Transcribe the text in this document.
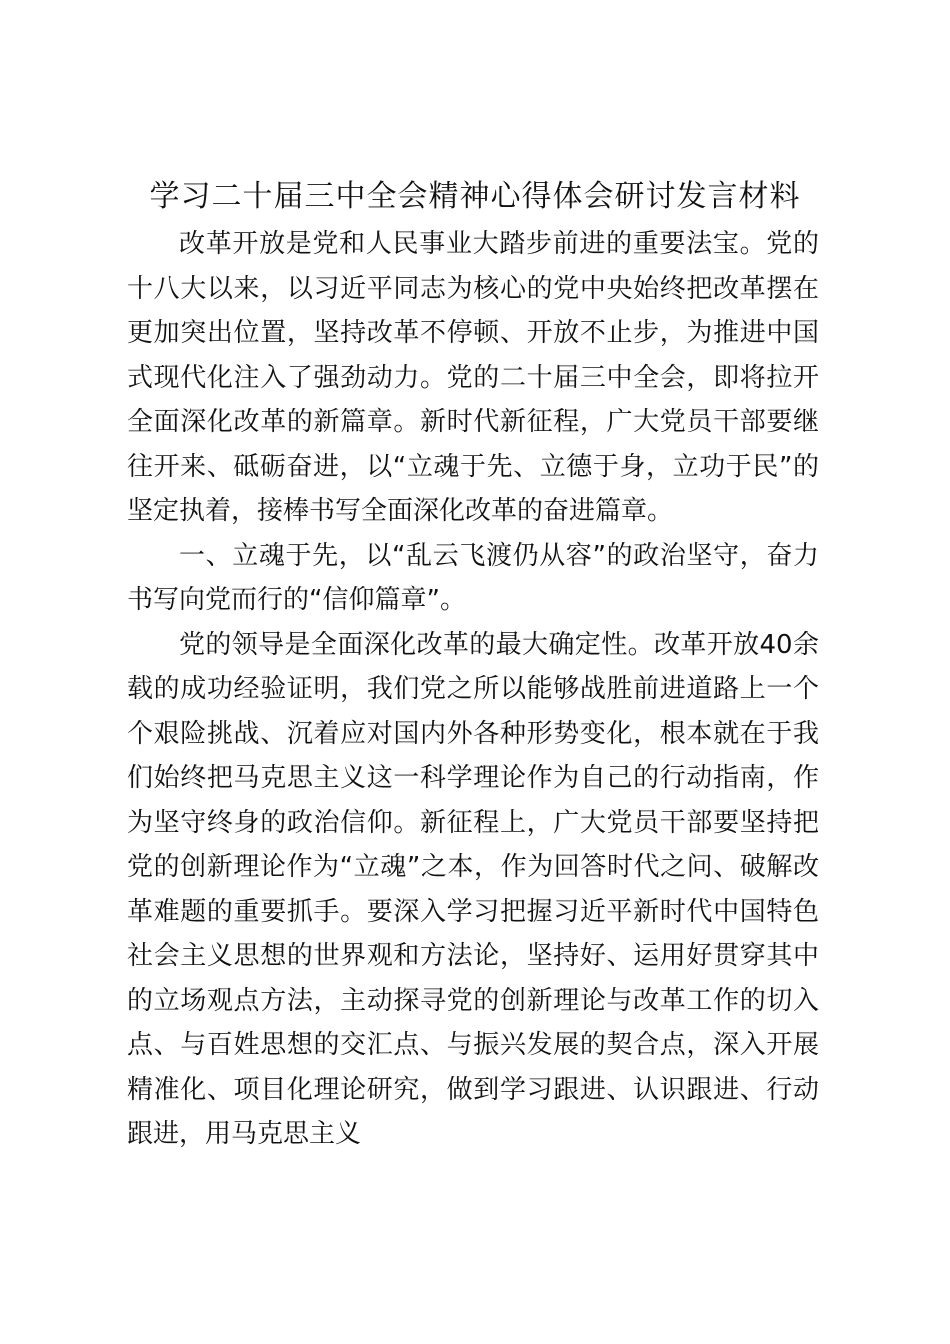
学习二十届三中全会精神心得体会研讨发言材料

改革开放是党和人民事业大踏步前进的重要法宝。党的十八大以来，以习近平同志为核心的党中央始终把改革摆在更加突出位置，坚持改革不停顿、开放不止步，为推进中国式现代化注入了强劲动力。党的二十届三中全会，即将拉开全面深化改革的新篇章。新时代新征程，广大党员干部要继往开来、砥砺奋进，以“立魂于先、立德于身，立功于民”的坚定执着，接棒书写全面深化改革的奋进篇章。

一、立魂于先，以“乱云飞渡仍从容”的政治坚守，奋力书写向党而行的“信仰篇章”。

党的领导是全面深化改革的最大确定性。改革开放40余载的成功经验证明，我们党之所以能够战胜前进道路上一个个艰险挑战、沉着应对国内外各种形势变化，根本就在于我们始终把马克思主义这一科学理论作为自己的行动指南，作为坚守终身的政治信仰。新征程上，广大党员干部要坚持把党的创新理论作为“立魂”之本，作为回答时代之问、破解改革难题的重要抓手。要深入学习把握习近平新时代中国特色社会主义思想的世界观和方法论，坚持好、运用好贯穿其中的立场观点方法，主动探寻党的创新理论与改革工作的切入点、与百姓思想的交汇点、与振兴发展的契合点，深入开展精准化、项目化理论研究，做到学习跟进、认识跟进、行动跟进，用马克思主义
